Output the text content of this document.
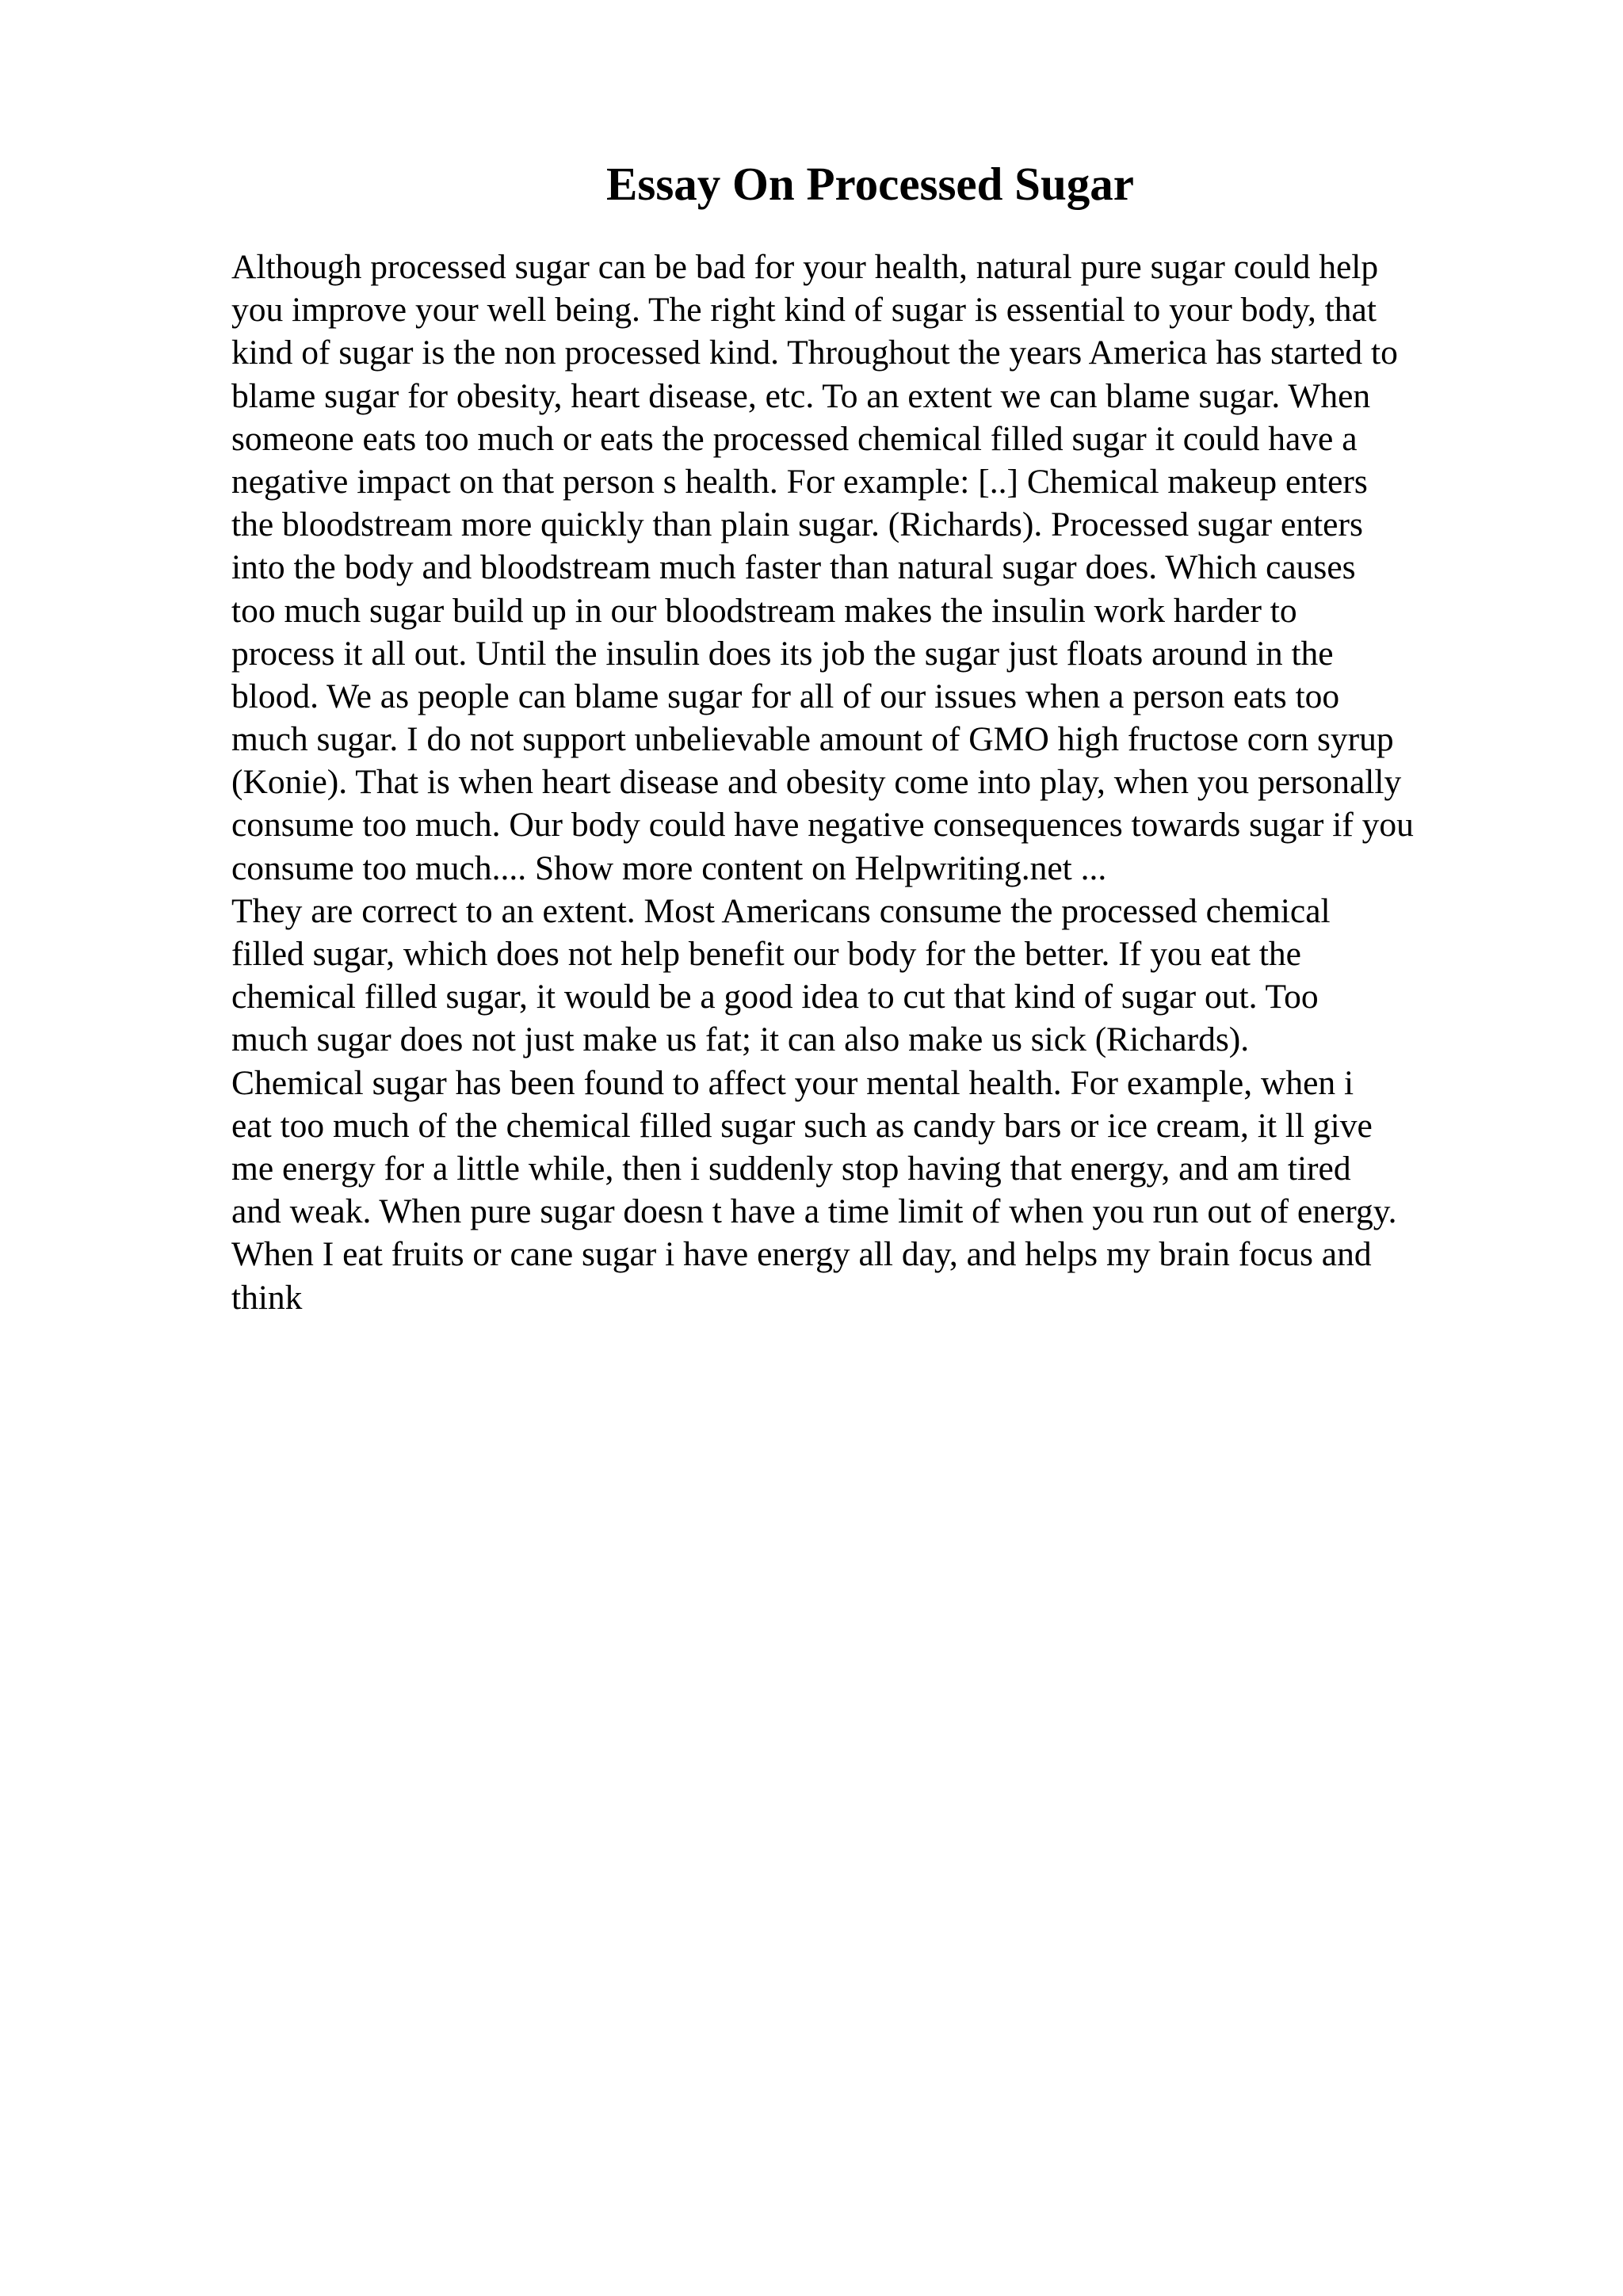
Essay On Processed Sugar
Although processed sugar can be bad for your health, natural pure sugar could help
you improve your well being. The right kind of sugar is essential to your body, that
kind of sugar is the non processed kind. Throughout the years America has started to
blame sugar for obesity, heart disease, etc. To an extent we can blame sugar. When
someone eats too much or eats the processed chemical filled sugar it could have a
negative impact on that person s health. For example: [..] Chemical makeup enters
the bloodstream more quickly than plain sugar. (Richards). Processed sugar enters
into the body and bloodstream much faster than natural sugar does. Which causes
too much sugar build up in our bloodstream makes the insulin work harder to
process it all out. Until the insulin does its job the sugar just floats around in the
blood. We as people can blame sugar for all of our issues when a person eats too
much sugar. I do not support unbelievable amount of GMO high fructose corn syrup
(Konie). That is when heart disease and obesity come into play, when you personally
consume too much. Our body could have negative consequences towards sugar if you
consume too much.... Show more content on Helpwriting.net ...
They are correct to an extent. Most Americans consume the processed chemical
filled sugar, which does not help benefit our body for the better. If you eat the
chemical filled sugar, it would be a good idea to cut that kind of sugar out. Too
much sugar does not just make us fat; it can also make us sick (Richards).
Chemical sugar has been found to affect your mental health. For example, when i
eat too much of the chemical filled sugar such as candy bars or ice cream, it ll give
me energy for a little while, then i suddenly stop having that energy, and am tired
and weak. When pure sugar doesn t have a time limit of when you run out of energy.
When I eat fruits or cane sugar i have energy all day, and helps my brain focus and
think
